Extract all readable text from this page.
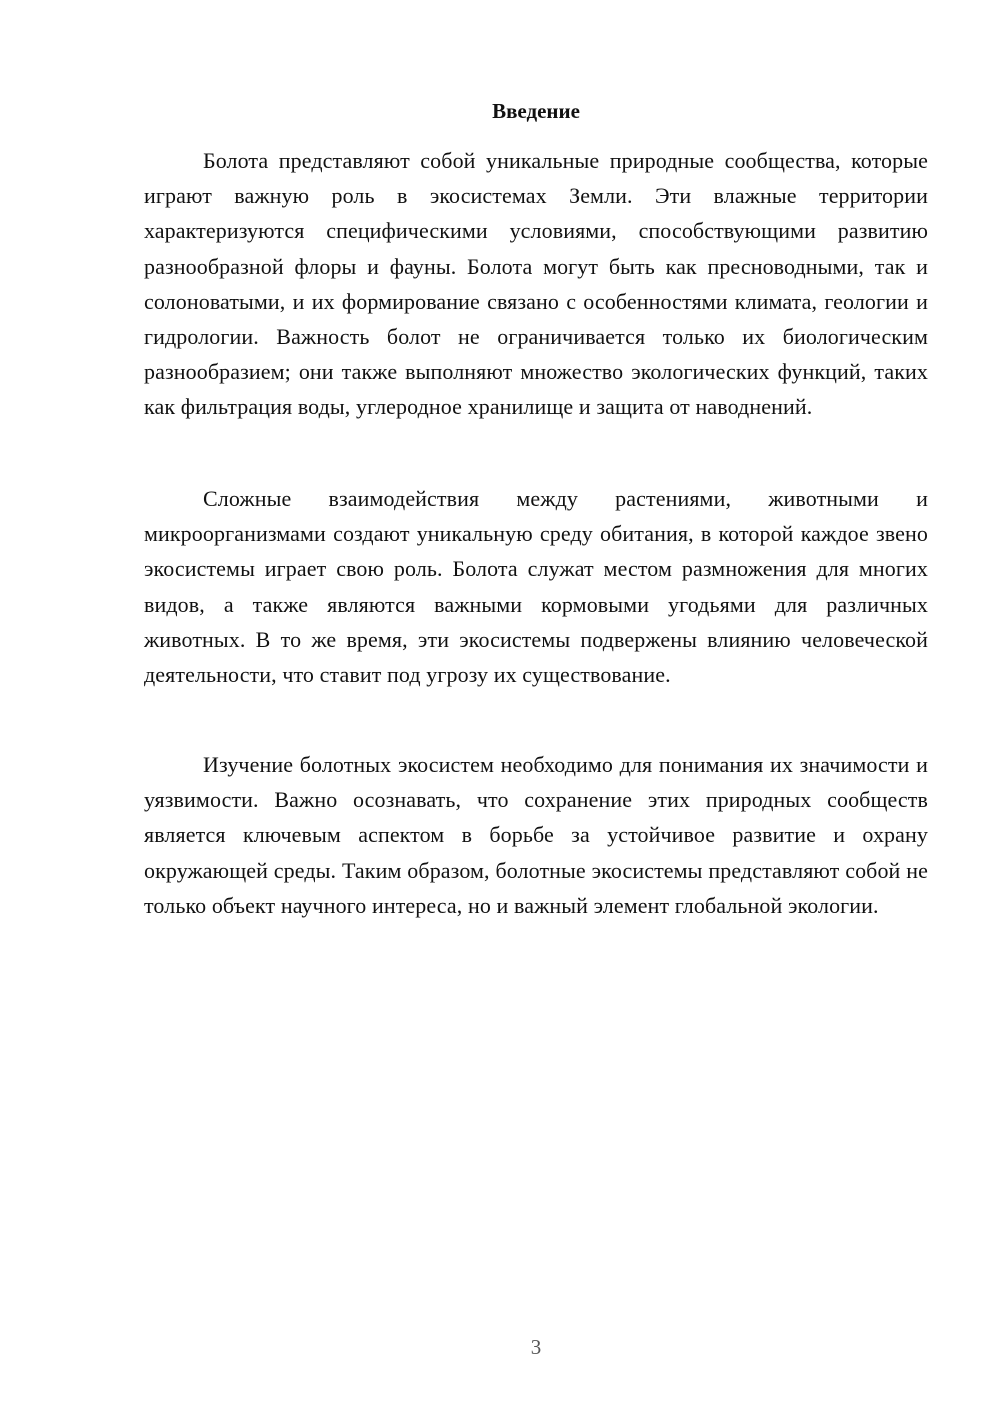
Введение

Болота представляют собой уникальные природные сообщества, которые играют важную роль в экосистемах Земли. Эти влажные территории характеризуются специфическими условиями, способствующими развитию разнообразной флоры и фауны. Болота могут быть как пресноводными, так и солоноватыми, и их формирование связано с особенностями климата, геологии и гидрологии. Важность болот не ограничивается только их биологическим разнообразием; они также выполняют множество экологических функций, таких как фильтрация воды, углеродное хранилище и защита от наводнений.

Сложные взаимодействия между растениями, животными и микроорганизмами создают уникальную среду обитания, в которой каждое звено экосистемы играет свою роль. Болота служат местом размножения для многих видов, а также являются важными кормовыми угодьями для различных животных. В то же время, эти экосистемы подвержены влиянию человеческой деятельности, что ставит под угрозу их существование.

Изучение болотных экосистем необходимо для понимания их значимости и уязвимости. Важно осознавать, что сохранение этих природных сообществ является ключевым аспектом в борьбе за устойчивое развитие и охрану окружающей среды. Таким образом, болотные экосистемы представляют собой не только объект научного интереса, но и важный элемент глобальной экологии.

3
